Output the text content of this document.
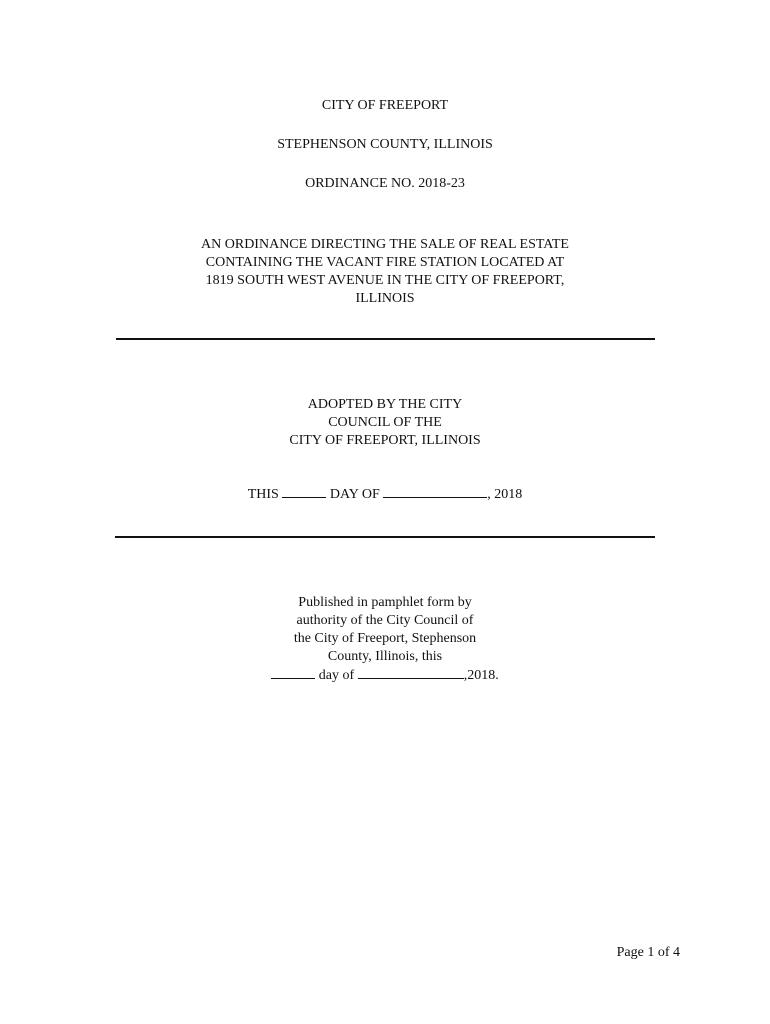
CITY OF FREEPORT
STEPHENSON COUNTY, ILLINOIS
ORDINANCE NO. 2018-23
AN ORDINANCE DIRECTING THE SALE OF REAL ESTATE
CONTAINING THE VACANT FIRE STATION LOCATED AT
1819 SOUTH WEST AVENUE IN THE CITY OF FREEPORT,
ILLINOIS
ADOPTED BY THE CITY
COUNCIL OF THE
CITY OF FREEPORT, ILLINOIS
THIS	DAY OF	, 2018
Published in pamphlet form by
authority of the City Council of
the City of Freeport, Stephenson
County, Illinois, this
day of	,2018.
Page 1 of 4
